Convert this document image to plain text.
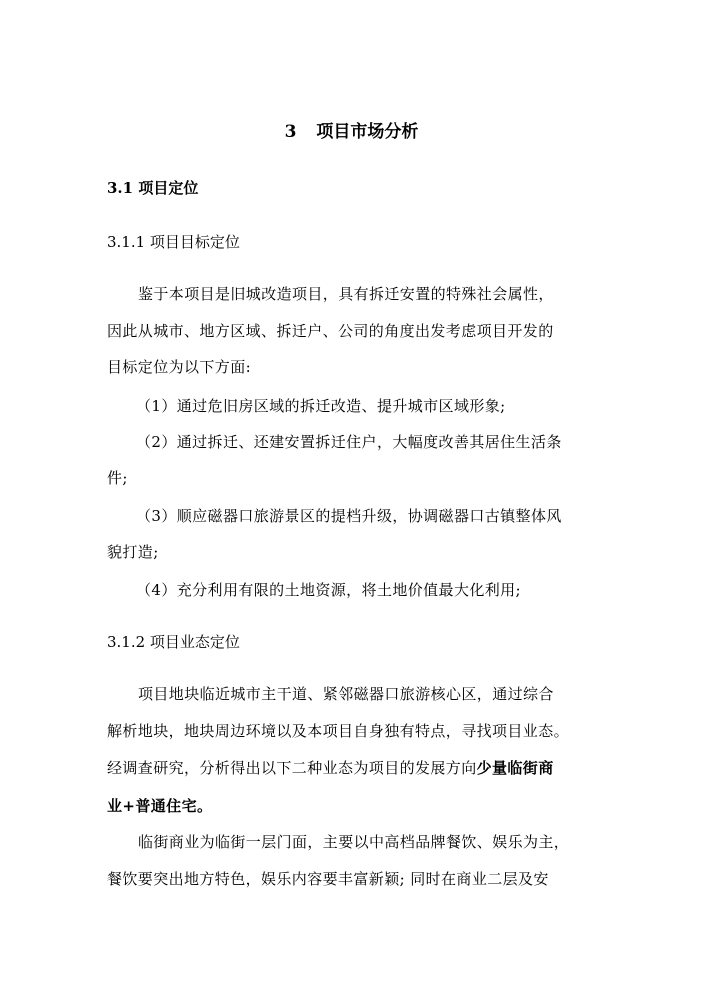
3 项目市场分析
3.1 项目定位
3.1.1 项目目标定位
鉴于本项目是旧城改造项目，具有拆迁安置的特殊社会属性，
因此从城市、地方区域、拆迁户、公司的角度出发考虑项目开发的
目标定位为以下方面:
（1）通过危旧房区域的拆迁改造、提升城市区域形象;
（2）通过拆迁、还建安置拆迁住户，大幅度改善其居住生活条
件;
（3）顺应磁器口旅游景区的提档升级，协调磁器口古镇整体风
貌打造;
（4）充分利用有限的土地资源，将土地价值最大化利用;
3.1.2 项目业态定位
项目地块临近城市主干道、紧邻磁器口旅游核心区，通过综合
解析地块，地块周边环境以及本项目自身独有特点，寻找项目业态。
经调查研究，分析得出以下二种业态为项目的发展方向少量临街商
业+普通住宅。
临街商业为临街一层门面，主要以中高档品牌餐饮、娱乐为主，
餐饮要突出地方特色，娱乐内容要丰富新颖; 同时在商业二层及安
